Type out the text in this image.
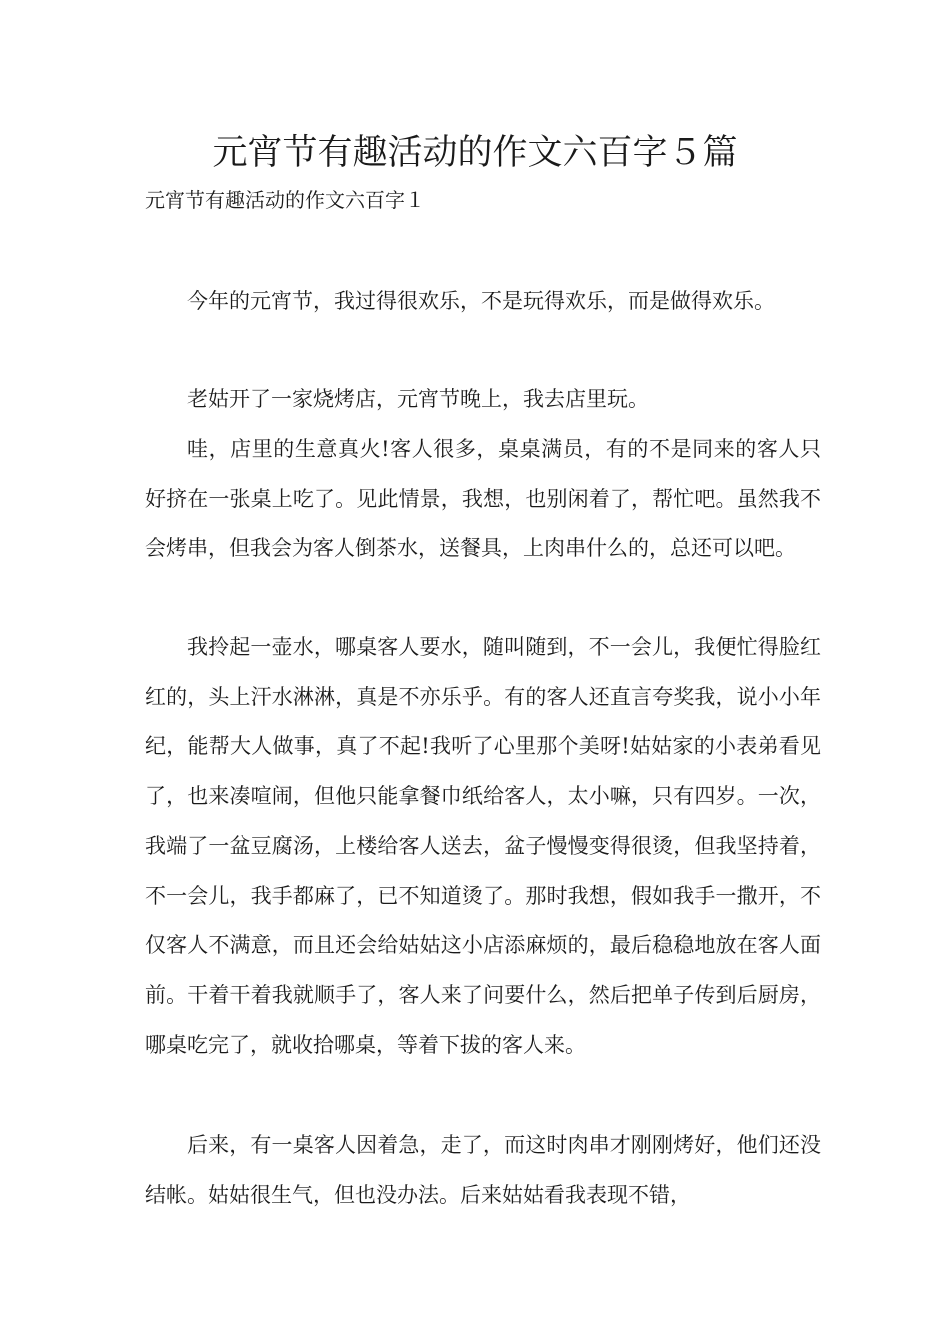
元宵节有趣活动的作文六百字５篇

元宵节有趣活动的作文六百字１

今年的元宵节，我过得很欢乐，不是玩得欢乐，而是做得欢乐。

老姑开了一家烧烤店，元宵节晚上，我去店里玩。

哇，店里的生意真火!客人很多，桌桌满员，有的不是同来的客人只好挤在一张桌上吃了。见此情景，我想，也别闲着了，帮忙吧。虽然我不会烤串，但我会为客人倒茶水，送餐具，上肉串什么的，总还可以吧。

我拎起一壶水，哪桌客人要水，随叫随到，不一会儿，我便忙得脸红红的，头上汗水淋淋，真是不亦乐乎。有的客人还直言夸奖我，说小小年纪，能帮大人做事，真了不起!我听了心里那个美呀!姑姑家的小表弟看见了，也来凑喧闹，但他只能拿餐巾纸给客人，太小嘛，只有四岁。一次，我端了一盆豆腐汤，上楼给客人送去，盆子慢慢变得很烫，但我坚持着，不一会儿，我手都麻了，已不知道烫了。那时我想，假如我手一撒开，不仅客人不满意，而且还会给姑姑这小店添麻烦的，最后稳稳地放在客人面前。干着干着我就顺手了，客人来了问要什么，然后把单子传到后厨房，哪桌吃完了，就收拾哪桌，等着下拔的客人来。

后来，有一桌客人因着急，走了，而这时肉串才刚刚烤好，他们还没结帐。姑姑很生气，但也没办法。后来姑姑看我表现不错，
